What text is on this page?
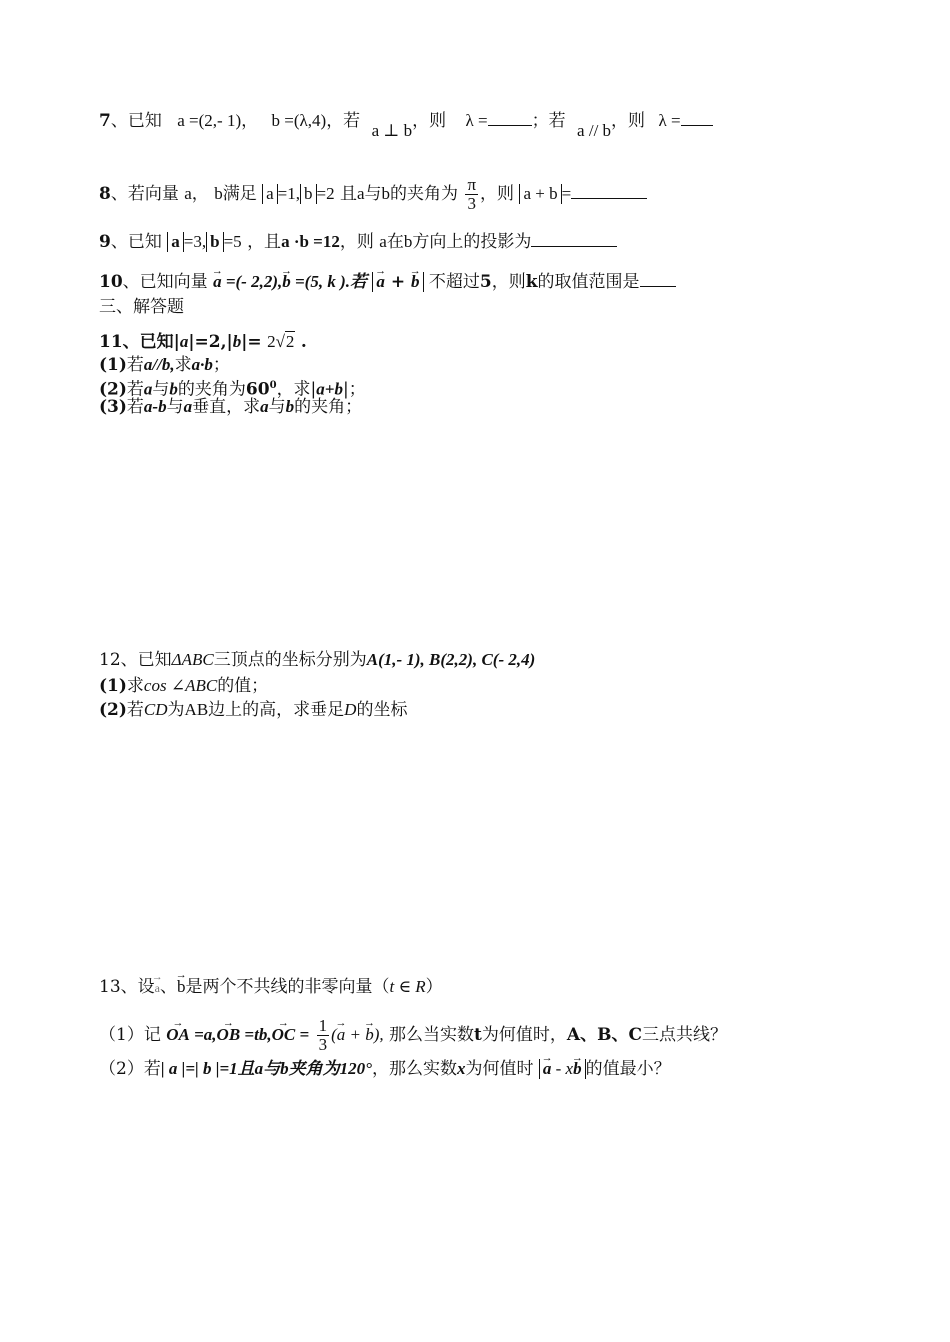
7、已知 a =(2,- 1)， b =(λ,4)，若 a ⊥ b，则 λ =	；若 a // b，则 λ =
8、若向量 a， b满足 a =1, b =2 且a与b的夹角为 $\frac{\pi}{3}$ ，则 a + b =
9、已知 a =3, b =5 ，且a ·b =12，则 a在b方向上的投影为
10、已知向量 → a =(- 2,2),→ b =(5, k ).若 → a + → b 不超过5，则k的取值范围是
三、解答题
11、已知|a|=2,|b|= 2√2 .
(1)若a//b,求a·b；
(2)若a与b的夹角为$60^0$，求|a+b|；
(3)若a-b与a垂直，求a与b的夹角；
12、已知ΔABC三顶点的坐标分别为A(1,- 1), B(2,2), C(- 2,4)
(1)求cos ∠ABC的值；
(2)若CD为AB边上的高，求垂足D的坐标
13、设→ a、→ b是两个不共线的非零向量（t ∈ R）
（1）记 → OA =a,→ OB =tb,→ OC = $\frac{1}{3}$ (→ a + → b), 那么当实数t为何值时，A、B、C三点共线？
（2）若| a |=| b |=1且a与b夹角为120°，那么实数x为何值时 → a - x→ b 的值最小？
